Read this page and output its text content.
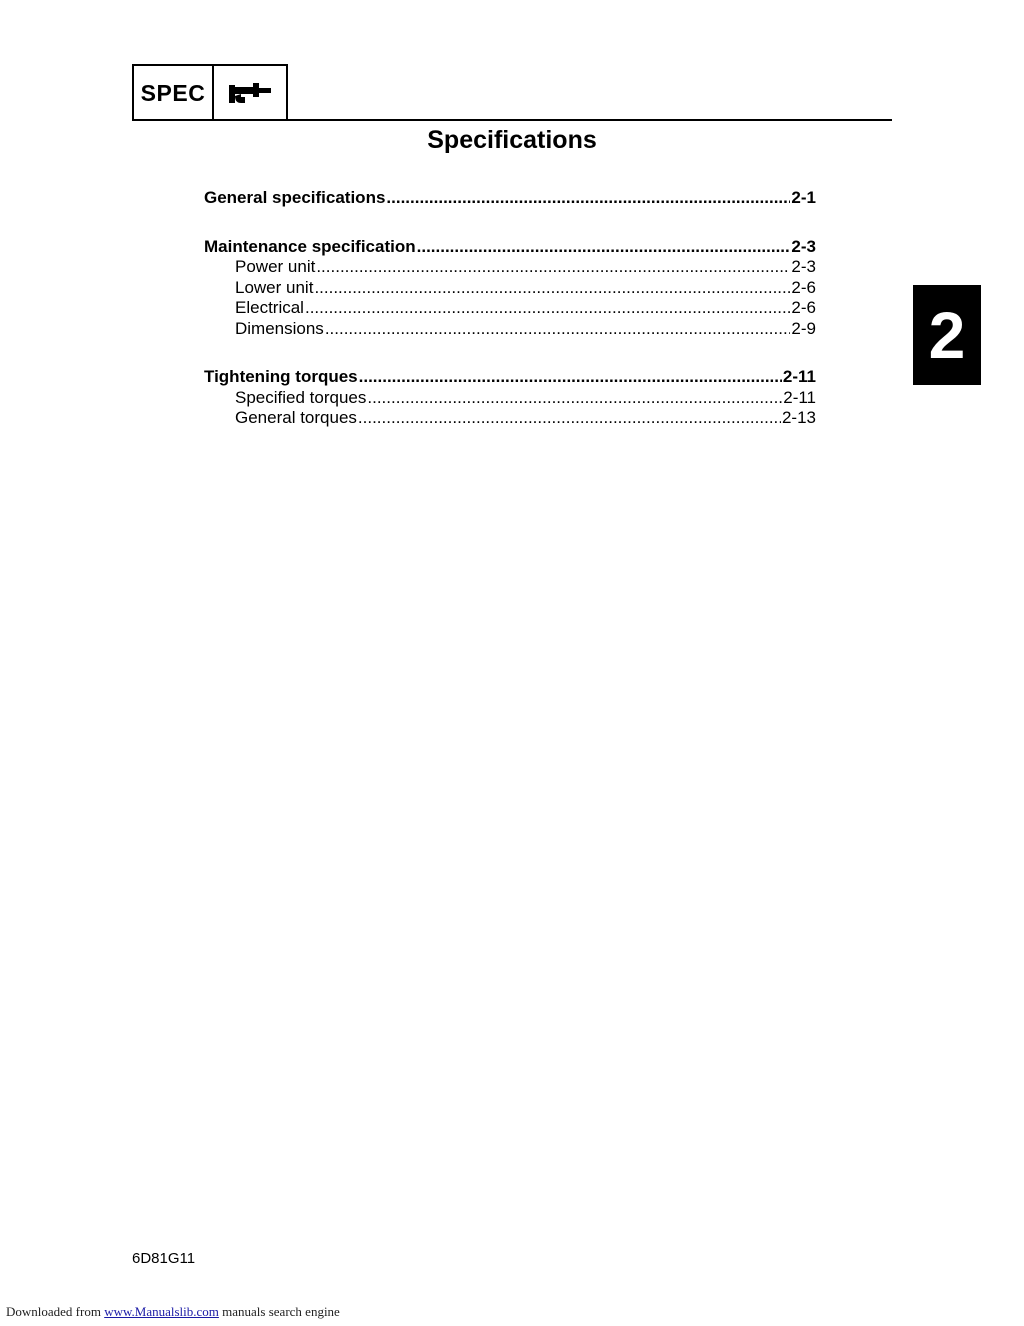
SPEC
Specifications
General specifications .....	2-1
Maintenance specification .....	2-3
Power unit .....	2-3
Lower unit .....	2-6
Electrical .....	2-6
Dimensions .....	2-9
Tightening torques .....	2-11
Specified torques .....	2-11
General torques .....	2-13
2
6D81G11
Downloaded from www.Manualslib.com manuals search engine
